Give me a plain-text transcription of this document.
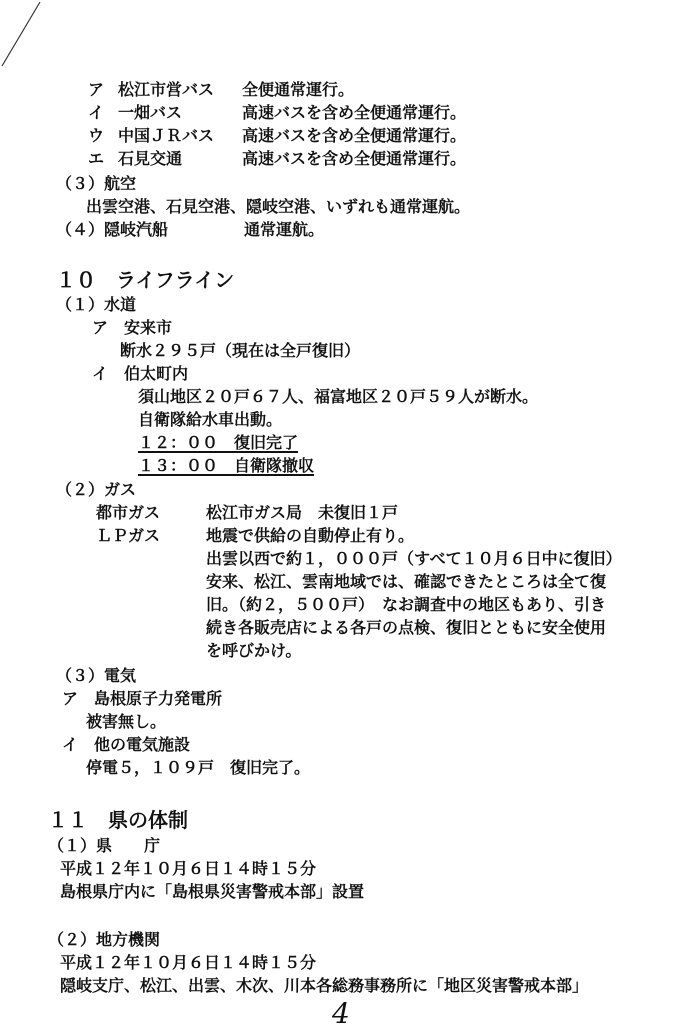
ア 松江市営バス 全便通常運行。
イ 一畑バス	高速バスを含め全便通常運行。
ウ 中国ＪＲバス 高速バスを含め全便通常運行。
エ 石見交通	高速バスを含め全便通常運行。
（３）航空
出雲空港、石見空港、隠岐空港、いずれも通常運航。
（４）隠岐汽船	通常運航。
１０　ライフライン
（１）水道
ア　安来市
断水２９５戸（現在は全戸復旧）
イ　伯太町内
須山地区２０戸６７人、福富地区２０戸５９人が断水。
自衛隊給水車出動。
１２：００　復旧完了
１３：００　自衛隊撤収
（２）ガス
都市ガス	松江市ガス局　未復旧１戸
ＬＰガス	地震で供給の自動停止有り。
出雲以西で約１，０００戸（すべて１０月６日中に復旧）
安来、松江、雲南地域では、確認できたところは全て復
旧。（約２，５００戸）　なお調査中の地区もあり、引き
続き各販売店による各戸の点検、復旧とともに安全使用
を呼びかけ。
（３）電気
ア　島根原子力発電所
被害無し。
イ　他の電気施設
停電５，１０９戸　復旧完了。
１１　県の体制
（１）県　　庁
平成１２年１０月６日１４時１５分
島根県庁内に「島根県災害警戒本部」設置
（２）地方機関
平成１２年１０月６日１４時１５分
隠岐支庁、松江、出雲、木次、川本各総務事務所に「地区災害警戒本部」
4
